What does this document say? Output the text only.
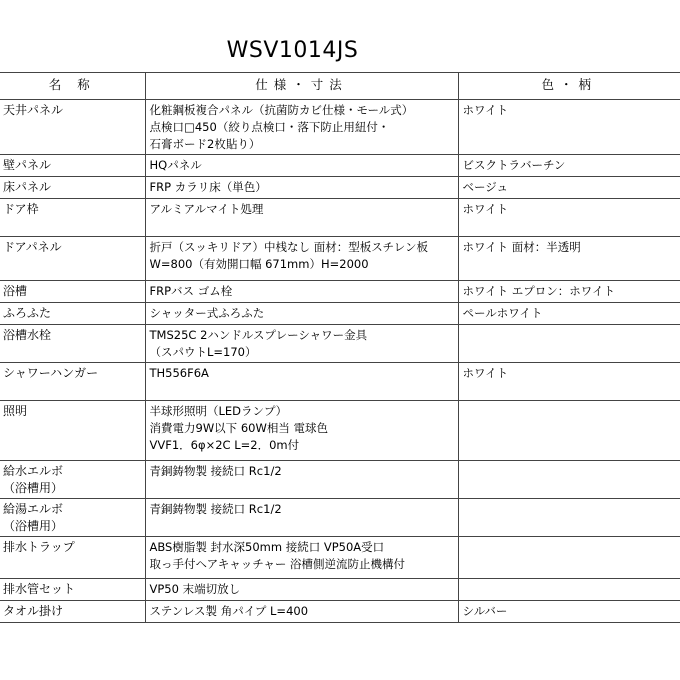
WSV1014JS
名 称	仕様・寸法	色・柄

天井パネル	化粧鋼板複合パネル（抗菌防カビ仕様・モール式）
点検口□450（絞り点検口・落下防止用紐付・
石膏ボード2枚貼り）	ホワイト

壁パネル	HQパネル	ビスクトラバーチン

床パネル	FRP カラリ床（単色）	ベージュ

ドア枠	アルミアルマイト処理	ホワイト

ドアパネル	折戸（スッキリドア）中桟なし 面材：型板スチレン板
W=800（有効開口幅 671mm）H=2000	ホワイト 面材：半透明

浴槽	FRPバス ゴム栓	ホワイト エプロン：ホワイト

ふろふた	シャッター式ふろふた	ペールホワイト

浴槽水栓	TMS25C 2ハンドルスプレーシャワー金具
（スパウトL=170）	

シャワーハンガー	TH556F6A	ホワイト

照明	半球形照明（LEDランプ）
消費電力9W以下 60W相当 電球色
VVF1．6φ×2C L=2．0m付	

給水エルボ
（浴槽用）	青銅鋳物製 接続口 Rc1/2	

給湯エルボ
（浴槽用）	青銅鋳物製 接続口 Rc1/2	

排水トラップ	ABS樹脂製 封水深50mm 接続口 VP50A受口
取っ手付ヘアキャッチャー 浴槽側逆流防止機構付	

排水管セット	VP50 末端切放し	

タオル掛け	ステンレス製 角パイプ L=400	シルバー
